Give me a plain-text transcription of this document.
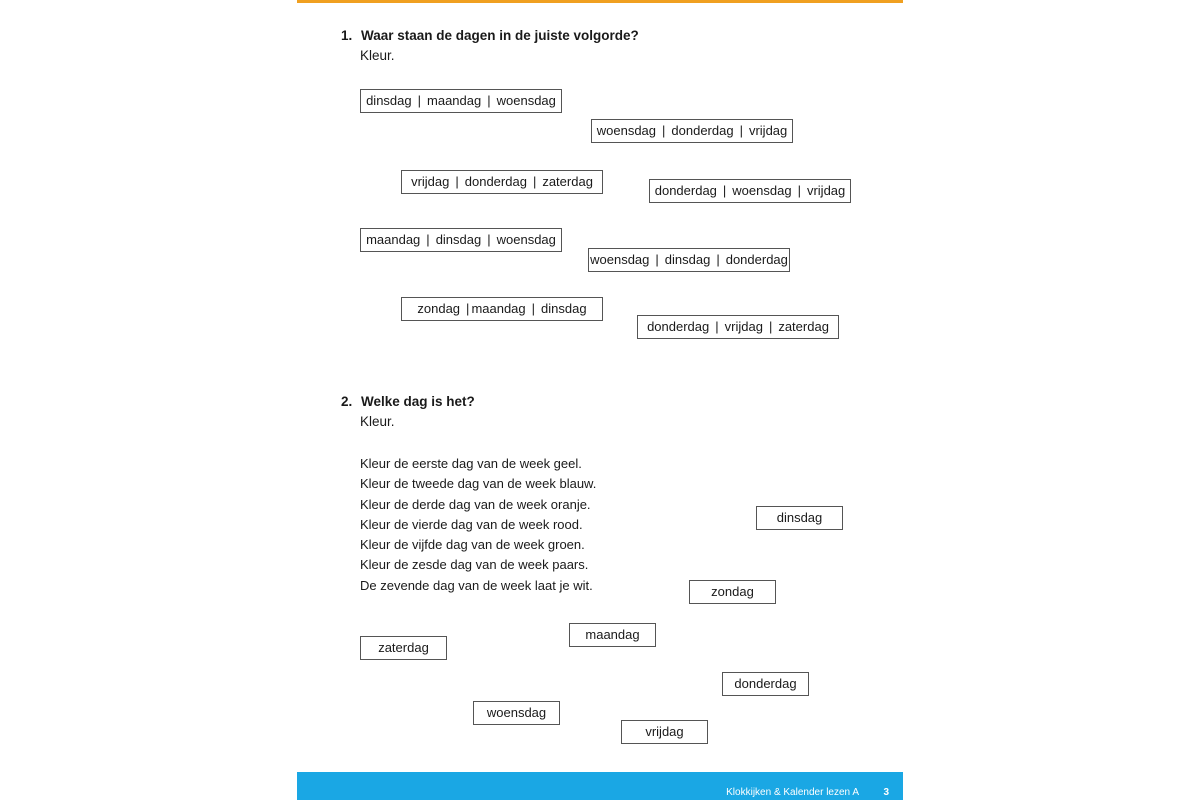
1. Waar staan de dagen in de juiste volgorde?
Kleur.
dinsdag | maandag | woensdag
woensdag | donderdag | vrijdag
vrijdag | donderdag | zaterdag
donderdag | woensdag | vrijdag
maandag | dinsdag | woensdag
woensdag | dinsdag | donderdag
zondag | maandag | dinsdag
donderdag | vrijdag | zaterdag
2. Welke dag is het?
Kleur.
Kleur de eerste dag van de week geel.
Kleur de tweede dag van de week blauw.
Kleur de derde dag van de week oranje.
Kleur de vierde dag van de week rood.
Kleur de vijfde dag van de week groen.
Kleur de zesde dag van de week paars.
De zevende dag van de week laat je wit.
dinsdag
zondag
maandag
zaterdag
donderdag
woensdag
vrijdag
Klokkijken & Kalender lezen A 3
